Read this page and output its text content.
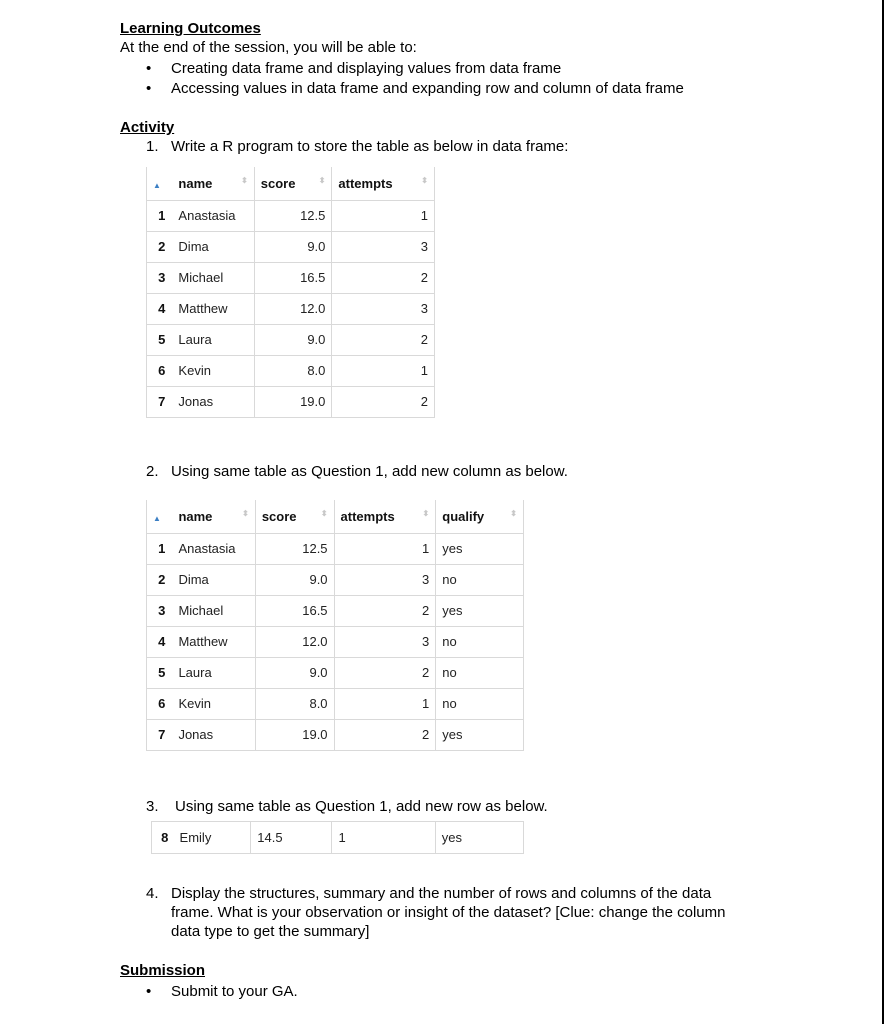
Learning Outcomes
At the end of the session, you will be able to:
• Creating data frame and displaying values from data frame
• Accessing values in data frame and expanding row and column of data frame
Activity
1. Write a R program to store the table as below in data frame:
▲	name ⬍	score ⬍	attempts ⬍

1	Anastasia	12.5	1
2	Dima	9.0	3
3	Michael	16.5	2
4	Matthew	12.0	3
5	Laura	9.0	2
6	Kevin	8.0	1
7	Jonas	19.0	2
2. Using same table as Question 1, add new column as below.
▲	name ⬍	score ⬍	attempts ⬍	qualify ⬍

1	Anastasia	12.5	1	yes
2	Dima	9.0	3	no
3	Michael	16.5	2	yes
4	Matthew	12.0	3	no
5	Laura	9.0	2	no
6	Kevin	8.0	1	no
7	Jonas	19.0	2	yes
3. Using same table as Question 1, add new row as below.
8	Emily	14.5	1	yes
4. Display the structures, summary and the number of rows and columns of the data
frame. What is your observation or insight of the dataset? [Clue: change the column
data type to get the summary]
Submission
• Submit to your GA.
